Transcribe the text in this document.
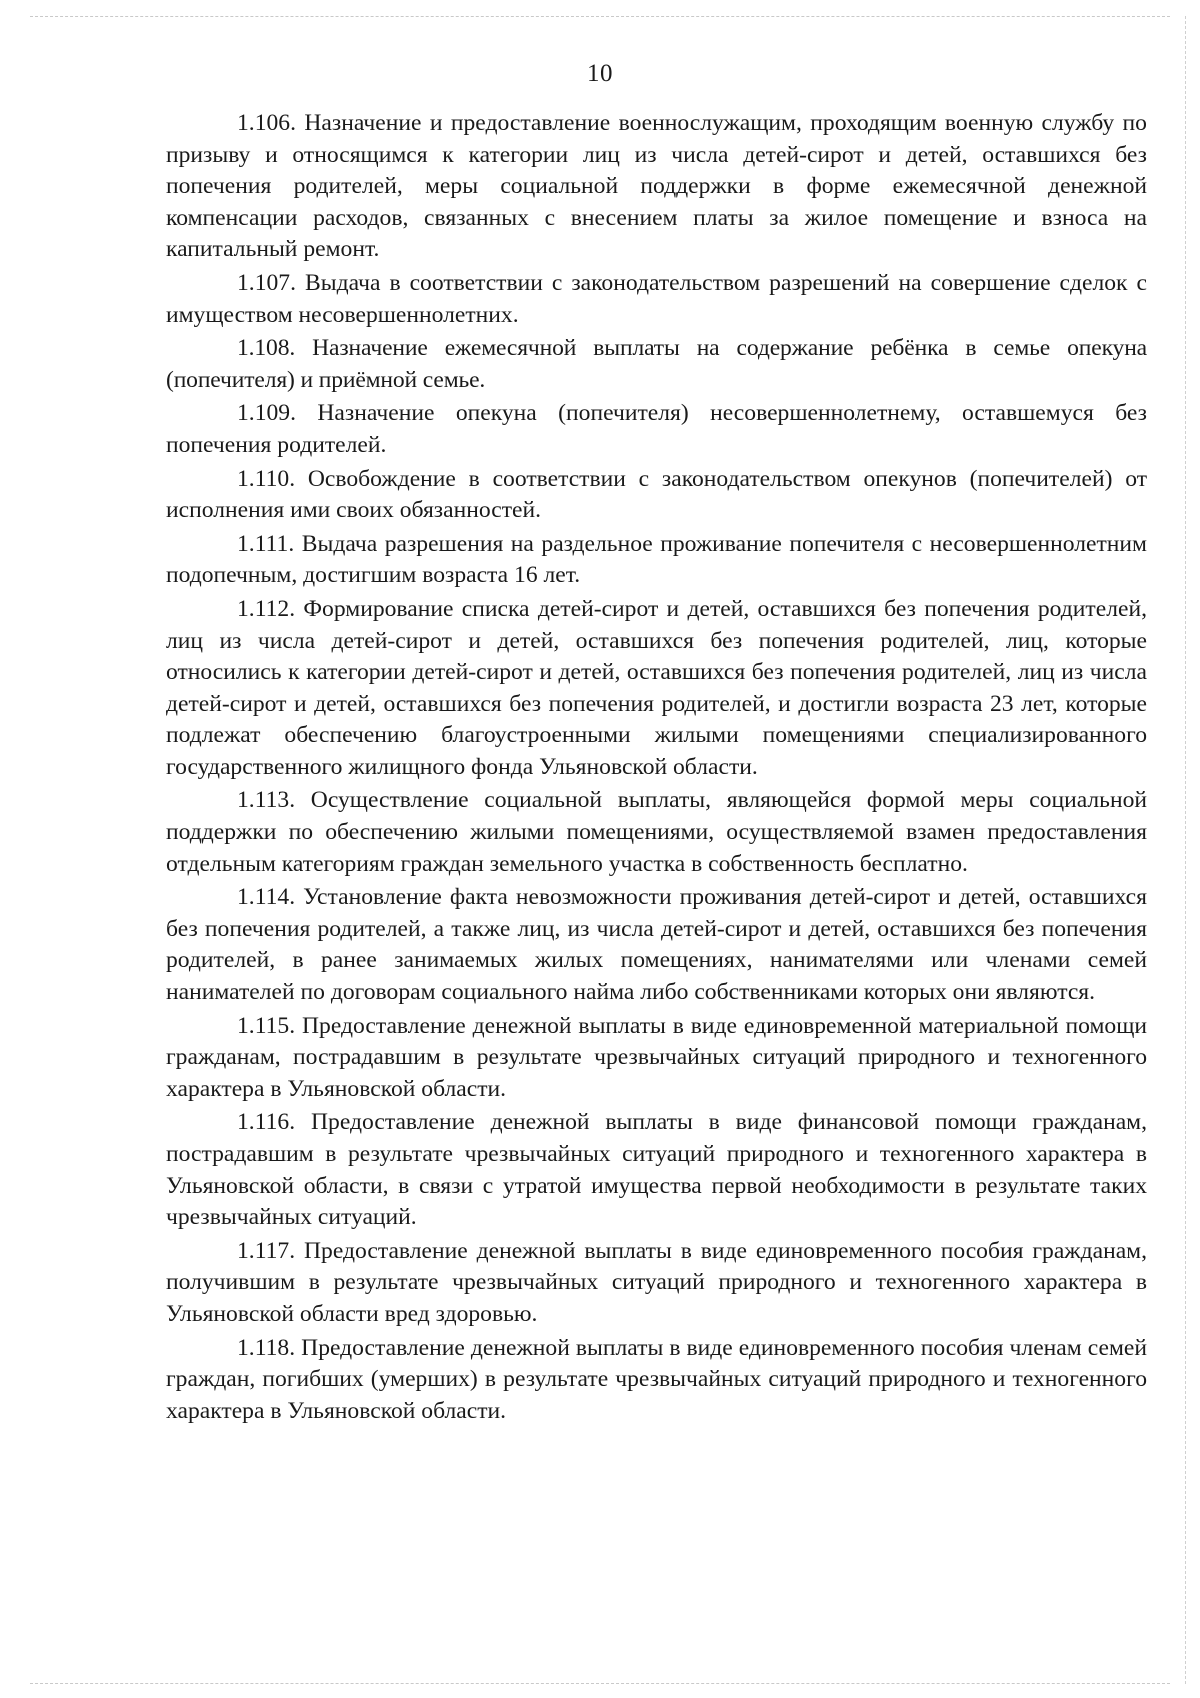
10

1.106. Назначение и предоставление военнослужащим, проходящим военную службу по призыву и относящимся к категории лиц из числа детей-сирот и детей, оставшихся без попечения родителей, меры социальной поддержки в форме ежемесячной денежной компенсации расходов, связанных с внесением платы за жилое помещение и взноса на капитальный ремонт.

1.107. Выдача в соответствии с законодательством разрешений на совершение сделок с имуществом несовершеннолетних.

1.108. Назначение ежемесячной выплаты на содержание ребёнка в семье опекуна (попечителя) и приёмной семье.

1.109. Назначение опекуна (попечителя) несовершеннолетнему, оставшемуся без попечения родителей.

1.110. Освобождение в соответствии с законодательством опекунов (попечителей) от исполнения ими своих обязанностей.

1.111. Выдача разрешения на раздельное проживание попечителя с несовершеннолетним подопечным, достигшим возраста 16 лет.

1.112. Формирование списка детей-сирот и детей, оставшихся без попечения родителей, лиц из числа детей-сирот и детей, оставшихся без попечения родителей, лиц, которые относились к категории детей-сирот и детей, оставшихся без попечения родителей, лиц из числа детей-сирот и детей, оставшихся без попечения родителей, и достигли возраста 23 лет, которые подлежат обеспечению благоустроенными жилыми помещениями специализированного государственного жилищного фонда Ульяновской области.

1.113. Осуществление социальной выплаты, являющейся формой меры социальной поддержки по обеспечению жилыми помещениями, осуществляемой взамен предоставления отдельным категориям граждан земельного участка в собственность бесплатно.

1.114. Установление факта невозможности проживания детей-сирот и детей, оставшихся без попечения родителей, а также лиц, из числа детей-сирот и детей, оставшихся без попечения родителей, в ранее занимаемых жилых помещениях, нанимателями или членами семей нанимателей по договорам социального найма либо собственниками которых они являются.

1.115. Предоставление денежной выплаты в виде единовременной материальной помощи гражданам, пострадавшим в результате чрезвычайных ситуаций природного и техногенного характера в Ульяновской области.

1.116. Предоставление денежной выплаты в виде финансовой помощи гражданам, пострадавшим в результате чрезвычайных ситуаций природного и техногенного характера в Ульяновской области, в связи с утратой имущества первой необходимости в результате таких чрезвычайных ситуаций.

1.117. Предоставление денежной выплаты в виде единовременного пособия гражданам, получившим в результате чрезвычайных ситуаций природного и техногенного характера в Ульяновской области вред здоровью.

1.118. Предоставление денежной выплаты в виде единовременного пособия членам семей граждан, погибших (умерших) в результате чрезвычайных ситуаций природного и техногенного характера в Ульяновской области.
